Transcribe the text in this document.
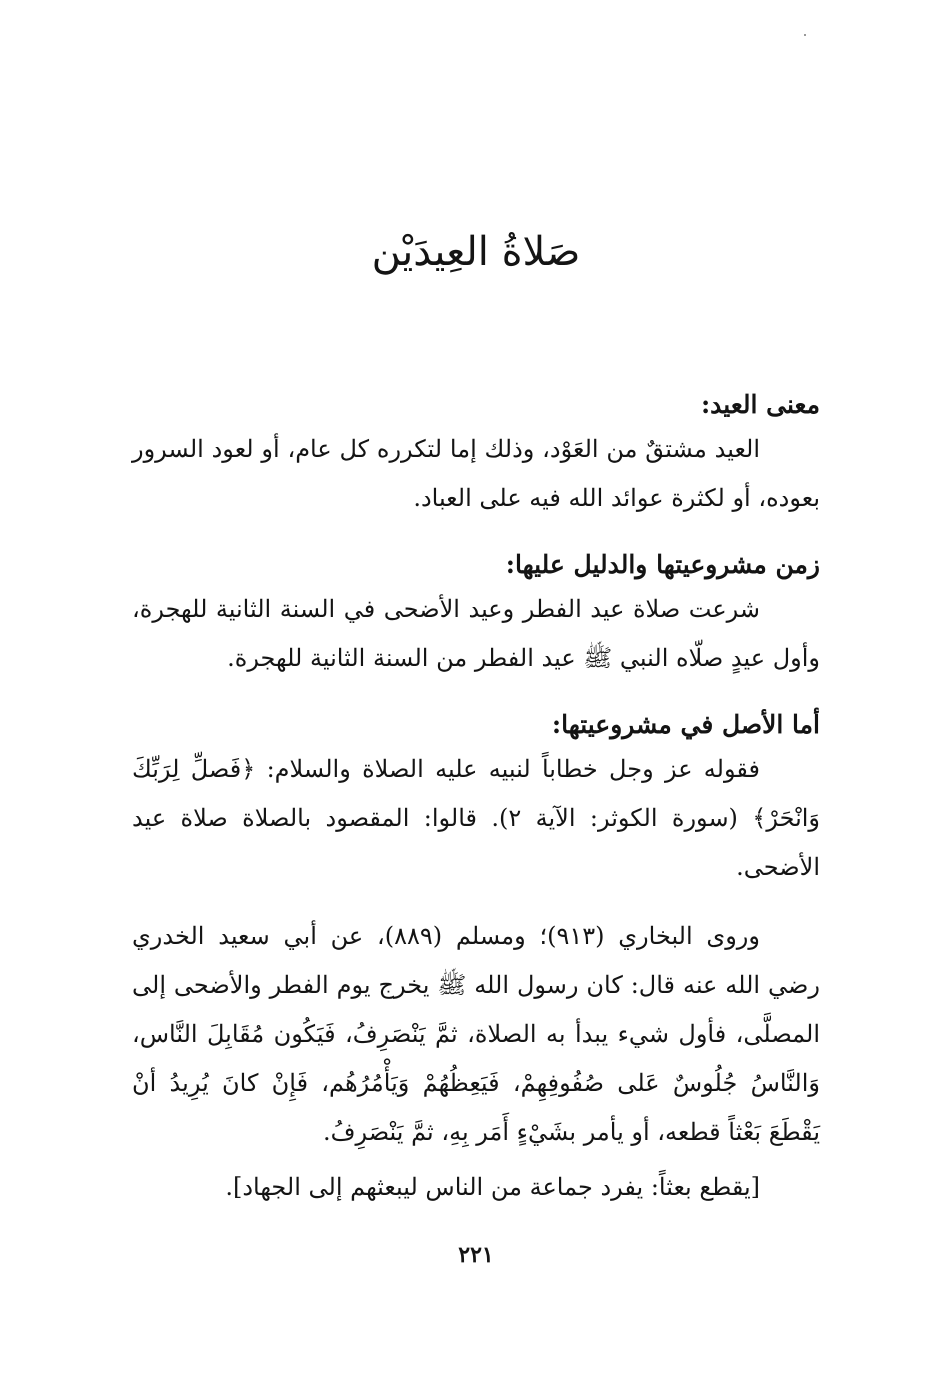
صَلاةُ العِيدَيْن
معنى العيد:

العيد مشتقٌ من العَوْد، وذلك إما لتكرره كل عام، أو لعود السرور بعوده، أو لكثرة عوائد الله فيه على العباد.

زمن مشروعيتها والدليل عليها:

شرعت صلاة عيد الفطر وعيد الأضحى في السنة الثانية للهجرة، وأول عيدٍ صلّاه النبي ﷺ عيد الفطر من السنة الثانية للهجرة.

أما الأصل في مشروعيتها:

فقوله عز وجل خطاباً لنبيه عليه الصلاة والسلام: ﴿فَصلِّ لِرَبِّكَ وَانْحَرْ﴾ (سورة الكوثر: الآية ٢). قالوا: المقصود بالصلاة صلاة عيد الأضحى.

وروى البخاري (٩١٣)؛ ومسلم (٨٨٩)، عن أبي سعيد الخدري رضي الله عنه قال: كان رسول الله ﷺ يخرج يوم الفطر والأضحى إلى المصلَّى، فأول شيء يبدأ به الصلاة، ثمَّ يَنْصَرِفُ، فَيَكُون مُقَابِلَ النَّاس، وَالنَّاسُ جُلُوسٌ عَلى صُفُوفِهِمْ، فَيَعِظُهُمْ وَيَأْمُرُهُم، فَإِنْ كانَ يُرِيدُ أنْ يَقْطَعَ بَعْثاً قطعه، أو يأمر بشَيْءٍ أَمَر بِهِ، ثمَّ يَنْصَرِفُ.

[يقطع بعثاً: يفرد جماعة من الناس ليبعثهم إلى الجهاد].

٢٢١
